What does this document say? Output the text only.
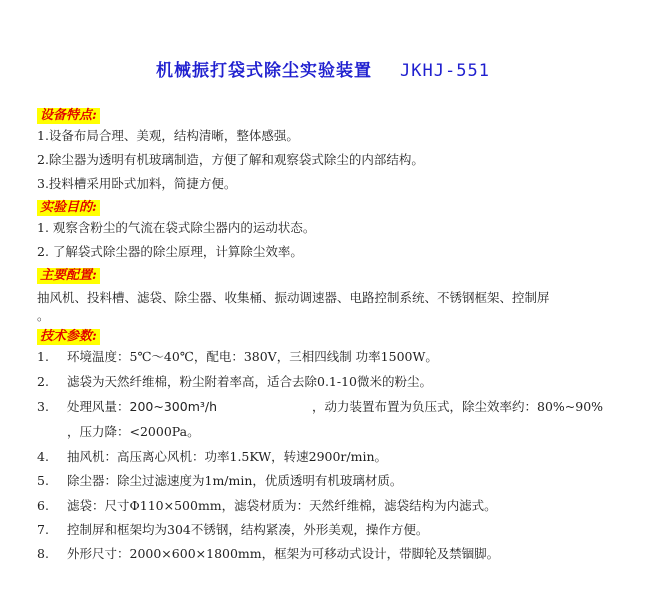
机械振打袋式除尘实验装置 JKHJ-551
设备特点:
1.设备布局合理、美观，结构清晰，整体感强。
2.除尘器为透明有机玻璃制造，方便了解和观察袋式除尘的内部结构。
3.投料槽采用卧式加料，简捷方便。
实验目的:
1. 观察含粉尘的气流在袋式除尘器内的运动状态。
2. 了解袋式除尘器的除尘原理，计算除尘效率。
主要配置:
抽风机、投料槽、滤袋、除尘器、收集桶、振动调速器、电路控制系统、不锈钢框架、控制屏
。
技术参数:
1. 环境温度：5℃～40℃，配电：380V，三相四线制 功率1500W。
2. 滤袋为天然纤维棉，粉尘附着率高，适合去除0.1-10微米的粉尘。
3. 处理风量：200~300m³/h	，动力装置布置为负压式，除尘效率约：80%~90%
，压力降：<2000Pa。
4. 抽风机：高压离心风机：功率1.5KW，转速2900r/min。
5. 除尘器：除尘过滤速度为1m/min，优质透明有机玻璃材质。
6. 滤袋：尺寸Φ110×500mm，滤袋材质为：天然纤维棉，滤袋结构为内滤式。
7. 控制屏和框架均为304不锈钢，结构紧凑，外形美观，操作方便。
8. 外形尺寸：2000×600×1800mm，框架为可移动式设计，带脚轮及禁锢脚。
